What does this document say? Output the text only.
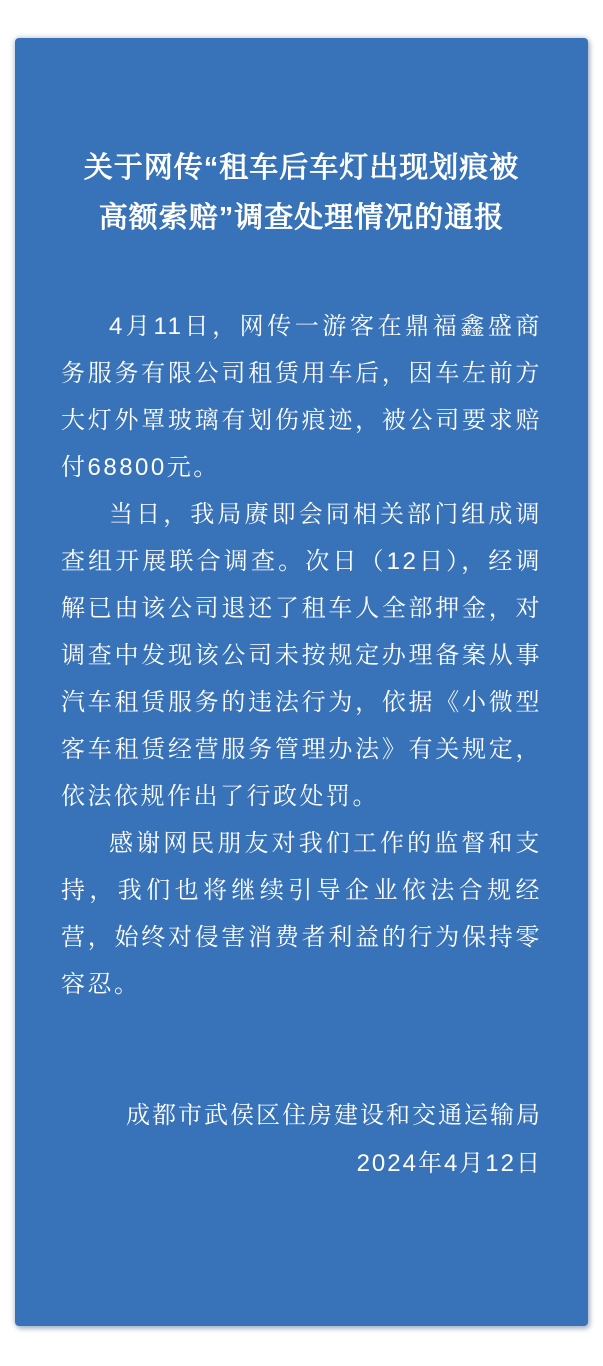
关于网传“租车后车灯出现划痕被
高额索赔”调查处理情况的通报

4月11日，网传一游客在鼎福鑫盛商务服务有限公司租赁用车后，因车左前方大灯外罩玻璃有划伤痕迹，被公司要求赔付68800元。

当日，我局赓即会同相关部门组成调查组开展联合调查。次日（12日），经调解已由该公司退还了租车人全部押金，对调查中发现该公司未按规定办理备案从事汽车租赁服务的违法行为，依据《小微型客车租赁经营服务管理办法》有关规定，依法依规作出了行政处罚。

感谢网民朋友对我们工作的监督和支持，我们也将继续引导企业依法合规经营，始终对侵害消费者利益的行为保持零容忍。

成都市武侯区住房建设和交通运输局
2024年4月12日
